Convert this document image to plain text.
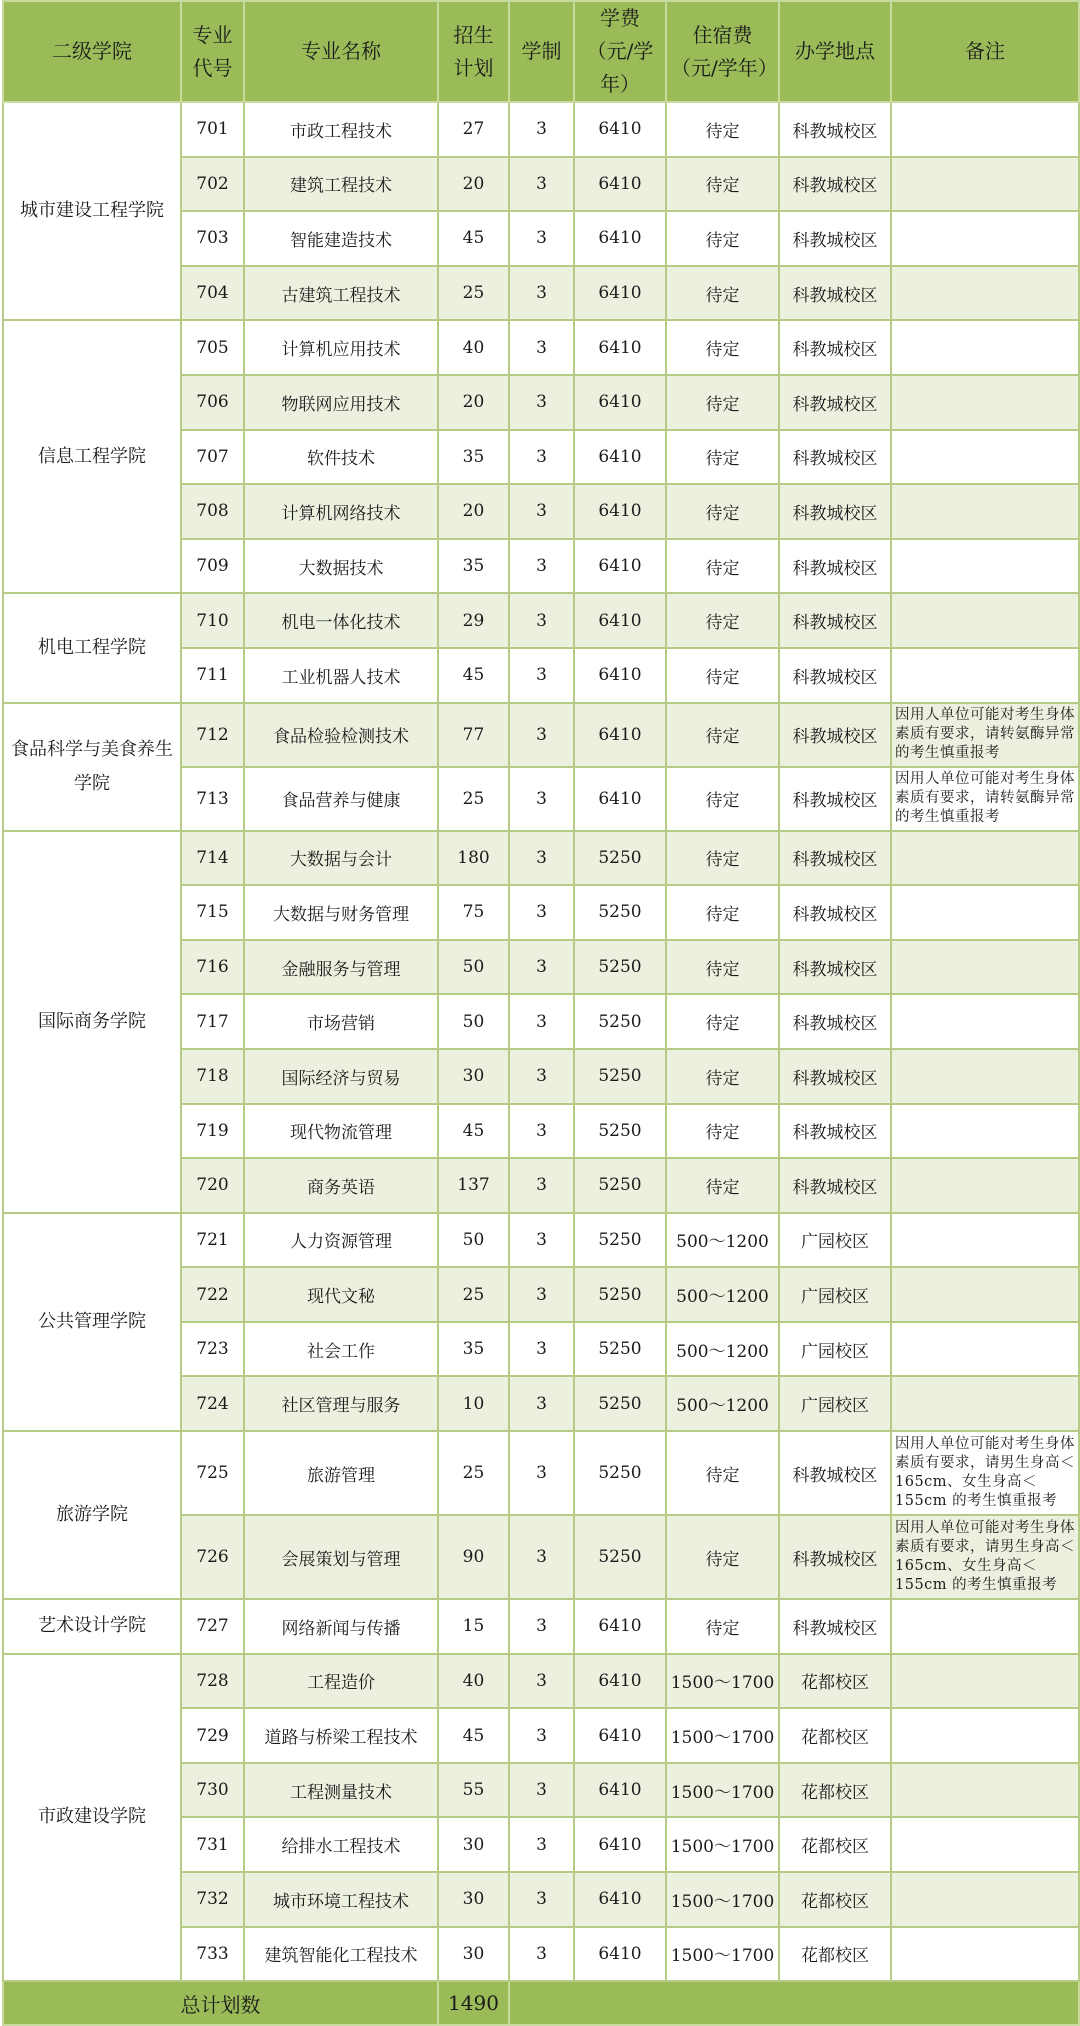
二级学院	专业代号	专业名称	招生计划	学制	学费（元/学年）	住宿费（元/学年）	办学地点	备注
城市建设工程学院	701	市政工程技术	27	3	6410	待定	科教城校区	
	702	建筑工程技术	20	3	6410	待定	科教城校区	
	703	智能建造技术	45	3	6410	待定	科教城校区	
	704	古建筑工程技术	25	3	6410	待定	科教城校区	
信息工程学院	705	计算机应用技术	40	3	6410	待定	科教城校区	
	706	物联网应用技术	20	3	6410	待定	科教城校区	
	707	软件技术	35	3	6410	待定	科教城校区	
	708	计算机网络技术	20	3	6410	待定	科教城校区	
	709	大数据技术	35	3	6410	待定	科教城校区	
机电工程学院	710	机电一体化技术	29	3	6410	待定	科教城校区	
	711	工业机器人技术	45	3	6410	待定	科教城校区	
食品科学与美食养生学院	712	食品检验检测技术	77	3	6410	待定	科教城校区	因用人单位可能对考生身体素质有要求，请转氨酶异常的考生慎重报考
	713	食品营养与健康	25	3	6410	待定	科教城校区	因用人单位可能对考生身体素质有要求，请转氨酶异常的考生慎重报考
国际商务学院	714	大数据与会计	180	3	5250	待定	科教城校区	
	715	大数据与财务管理	75	3	5250	待定	科教城校区	
	716	金融服务与管理	50	3	5250	待定	科教城校区	
	717	市场营销	50	3	5250	待定	科教城校区	
	718	国际经济与贸易	30	3	5250	待定	科教城校区	
	719	现代物流管理	45	3	5250	待定	科教城校区	
	720	商务英语	137	3	5250	待定	科教城校区	
公共管理学院	721	人力资源管理	50	3	5250	500～1200	广园校区	
	722	现代文秘	25	3	5250	500～1200	广园校区	
	723	社会工作	35	3	5250	500～1200	广园校区	
	724	社区管理与服务	10	3	5250	500～1200	广园校区	
旅游学院	725	旅游管理	25	3	5250	待定	科教城校区	因用人单位可能对考生身体素质有要求，请男生身高＜165cm、女生身高＜155cm 的考生慎重报考
	726	会展策划与管理	90	3	5250	待定	科教城校区	因用人单位可能对考生身体素质有要求，请男生身高＜165cm、女生身高＜155cm 的考生慎重报考
艺术设计学院	727	网络新闻与传播	15	3	6410	待定	科教城校区	
市政建设学院	728	工程造价	40	3	6410	1500～1700	花都校区	
	729	道路与桥梁工程技术	45	3	6410	1500～1700	花都校区	
	730	工程测量技术	55	3	6410	1500～1700	花都校区	
	731	给排水工程技术	30	3	6410	1500～1700	花都校区	
	732	城市环境工程技术	30	3	6410	1500～1700	花都校区	
	733	建筑智能化工程技术	30	3	6410	1500～1700	花都校区	
总计划数			1490					
